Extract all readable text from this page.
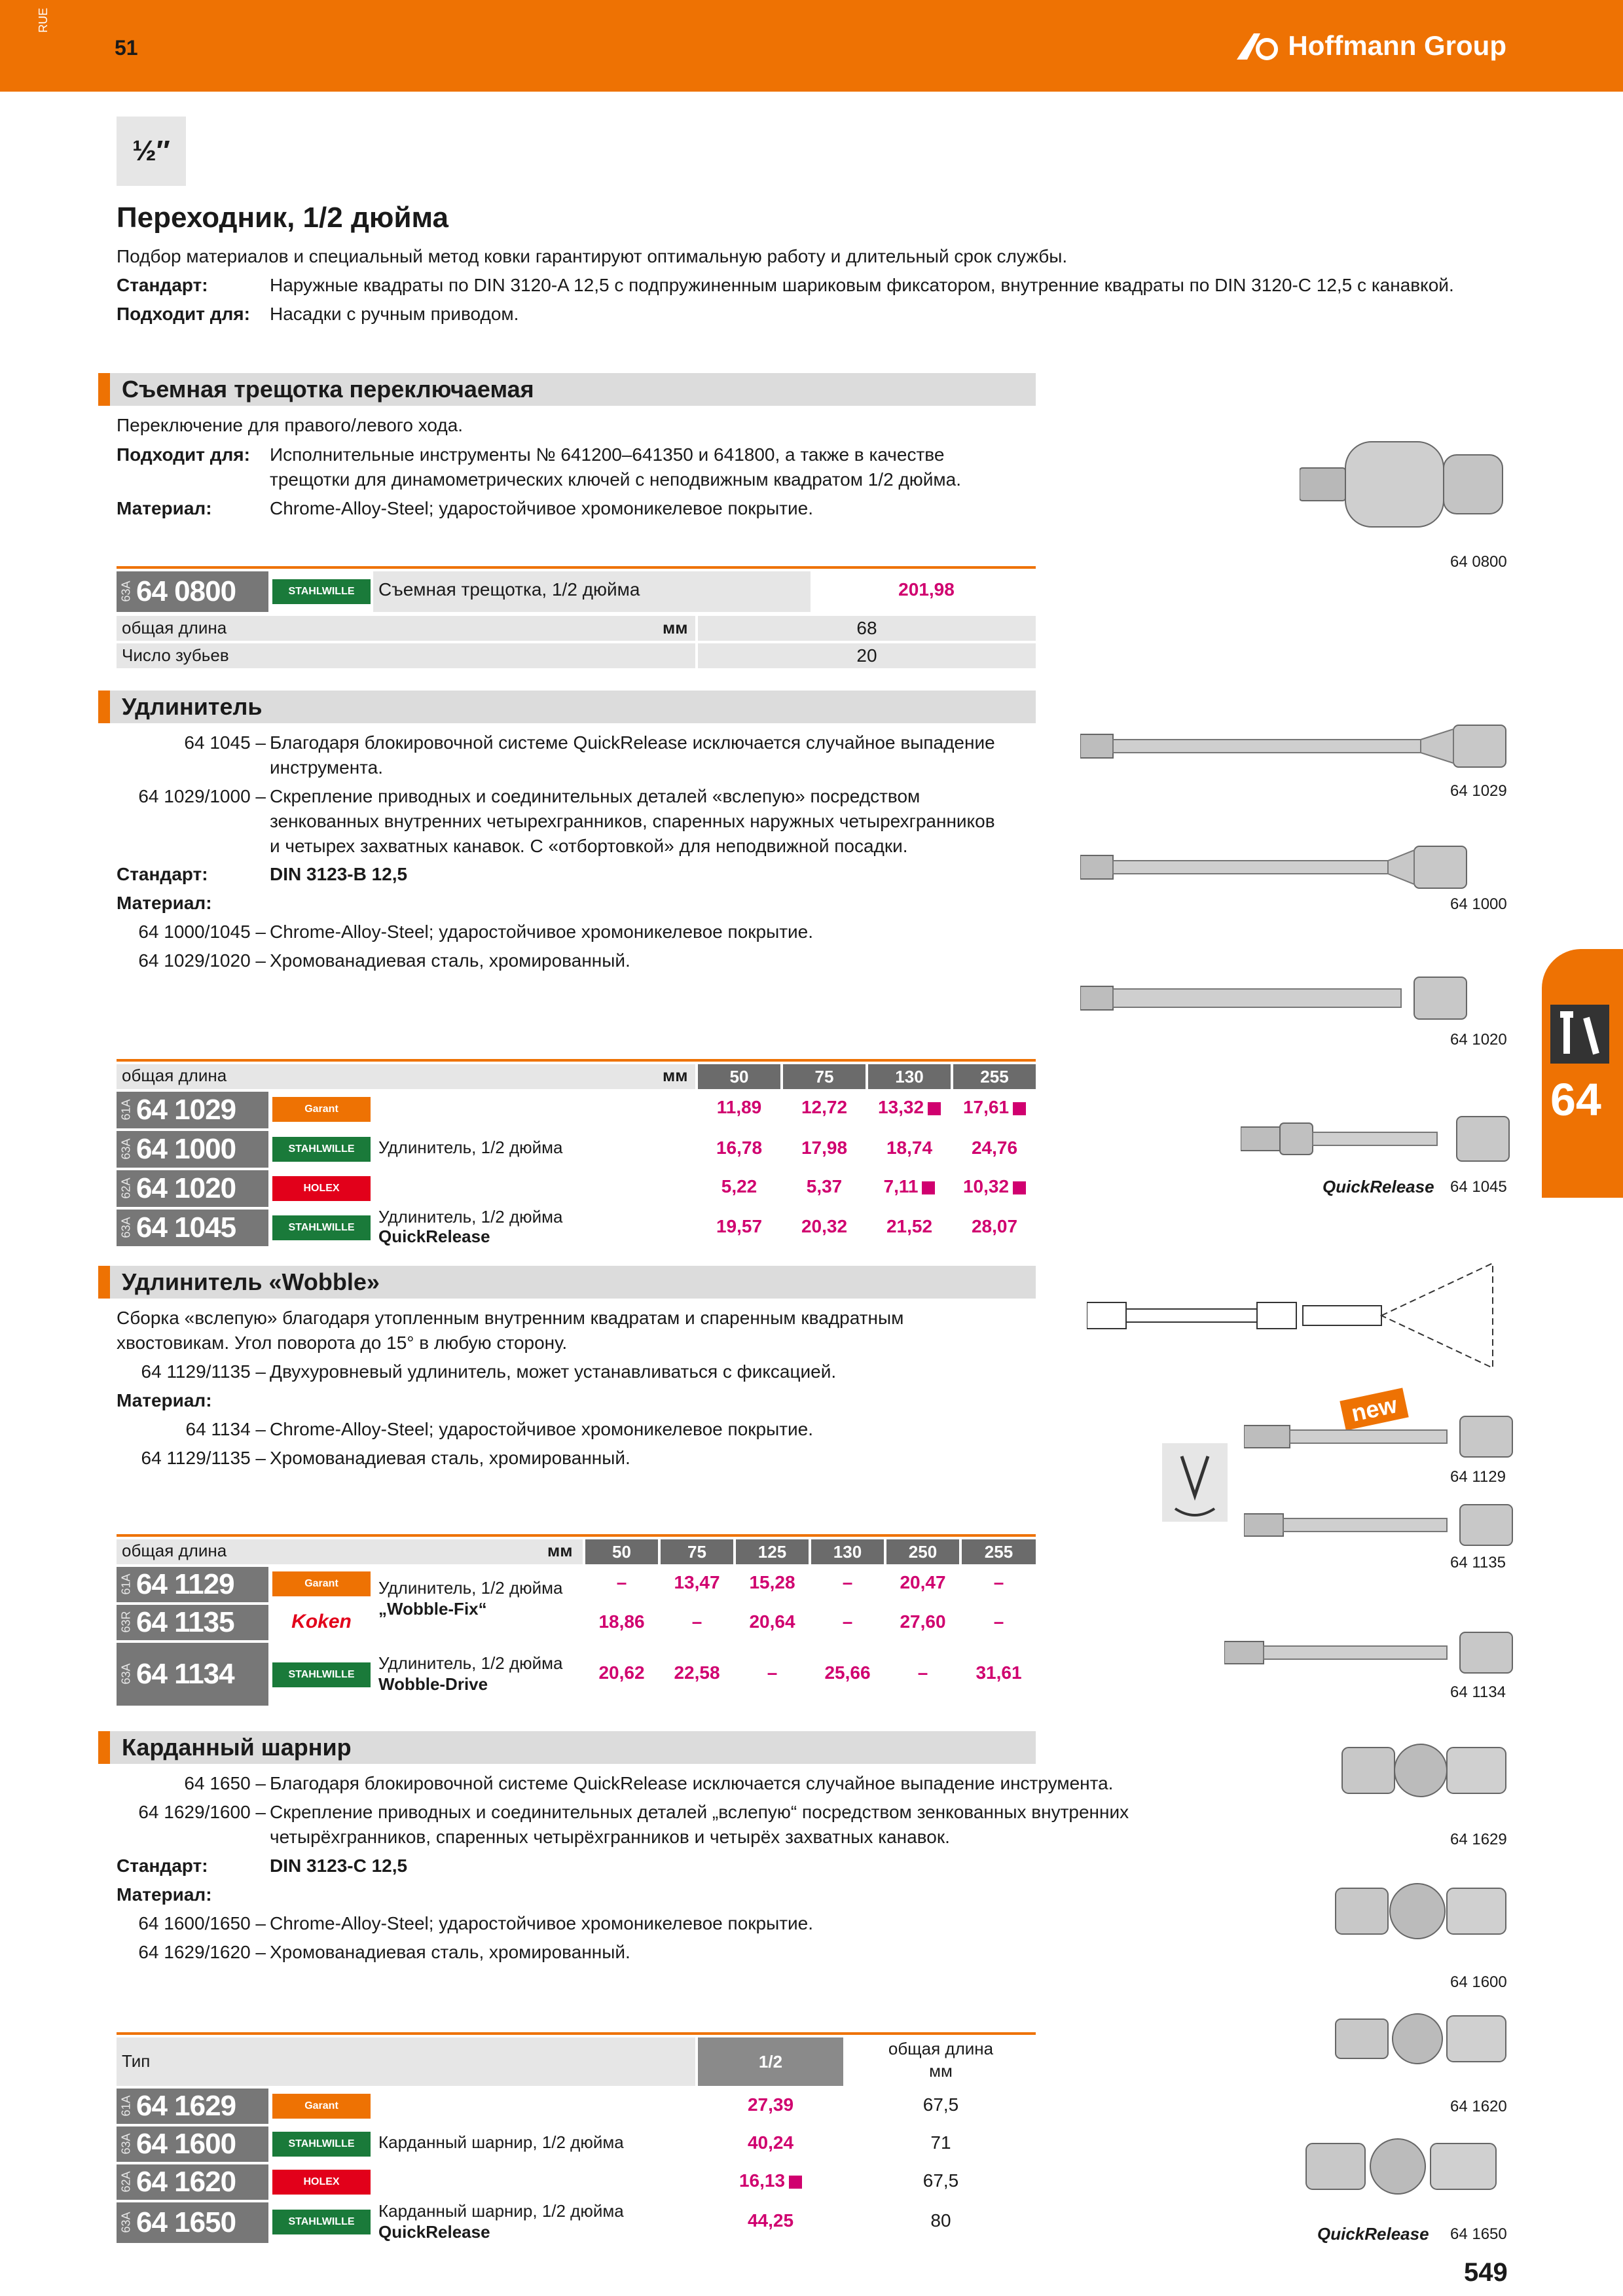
RUE
51	Hoffmann Group
½″
Переходник, 1/2 дюйма
Подбор материалов и специальный метод ковки гарантируют оптимальную работу и длительный срок службы.
Стандарт:	Наружные квадраты по DIN 3120-A 12,5 с подпружиненным шариковым фиксатором, внутренние квадраты по DIN 3120-C 12,5 с канавкой.
Подходит для: Насадки с ручным приводом.
Съемная трещотка переключаемая
Переключение для правого/левого хода.
Подходит для: Исполнительные инструменты № 641200–641350 и 641800, а также в качестве
трещотки для динамометрических ключей с неподвижным квадратом 1/2 дюйма.
Материал:	Chrome-Alloy-Steel; ударостойчивое хромоникелевое покрытие.
64 0800
63A 64 0800	STAHLWILLE	Съемная трещотка, 1/2 дюйма	201,98
общая длина	мм	68
Число зубьев	20
Удлинитель
64 1045 – Благодаря блокировочной системе QuickRelease исключается случайное выпадение
инструмента.
64 1029/1000 – Скрепление приводных и соединительных деталей «вслепую» посредством
зенкованных внутренних четырехгранников, спаренных наружных четырехгранников
и четырех захватных канавок. С «отбортовкой» для неподвижной посадки.
Стандарт:	DIN 3123-B 12,5
Материал:
64 1000/1045 – Chrome-Alloy-Steel; ударостойчивое хромоникелевое покрытие.
64 1029/1020 – Хромованадиевая сталь, хромированный.
64 1029
64 1000
64 1020
QuickRelease 64 1045
общая длина	мм	50	75	130	255
61A 64 1029	Garant	11,89	12,72	13,32	17,61
63A 64 1000	STAHLWILLE	Удлинитель, 1/2 дюйма	16,78	17,98	18,74	24,76
62A 64 1020	HOLEX	5,22	5,37	7,11	10,32
63A 64 1045	STAHLWILLE
Удлинитель, 1/2 дюйма
QuickRelease	19,57	20,32	21,52	28,07
Удлинитель «Wobble»
Сборка «вслепую» благодаря утопленным внутренним квадратам и спаренным квадратным
хвостовикам. Угол поворота до 15° в любую сторону.
64 1129/1135 – Двухуровневый удлинитель, может устанавливаться с фиксацией.
Материал:
64 1134 – Chrome-Alloy-Steel; ударостойчивое хромоникелевое покрытие.
64 1129/1135 – Хромованадиевая сталь, хромированный.
new
64 1129
64 1135
64 1134
общая длина	мм	50	75	125	130	250	255
61A 64 1129	Garant	Удлинитель, 1/2 дюйма
„Wobble-Fix“
–	13,47	15,28	–	20,47	–
63R 64 1135	Koken	18,86	–	20,64	–	27,60	–
63A 64 1134	STAHLWILLE
Удлинитель, 1/2 дюйма
Wobble-Drive
20,62	22,58	–	25,66	–	31,61
Карданный шарнир
64 1650 – Благодаря блокировочной системе QuickRelease исключается случайное выпадение инструмента.
64 1629/1600 – Скрепление приводных и соединительных деталей „вслепую“ посредством зенкованных внутренних
четырёхгранников, спаренных четырёхгранников и четырёх захватных канавок.
Стандарт:	DIN 3123-C 12,5
Материал:
64 1600/1650 – Chrome-Alloy-Steel; ударостойчивое хромоникелевое покрытие.
64 1629/1620 – Хромованадиевая сталь, хромированный.
64 1629
64 1600
64 1620
QuickRelease 64 1650
Тип	1/2
общая длина
мм
61A 64 1629	Garant	27,39	67,5
63A 64 1600	STAHLWILLE	Карданный шарнир, 1/2 дюйма	40,24	71
62A 64 1620	HOLEX	16,13	67,5
63A 64 1650	STAHLWILLE
Карданный шарнир, 1/2 дюйма
QuickRelease
44,25	80
64
549
